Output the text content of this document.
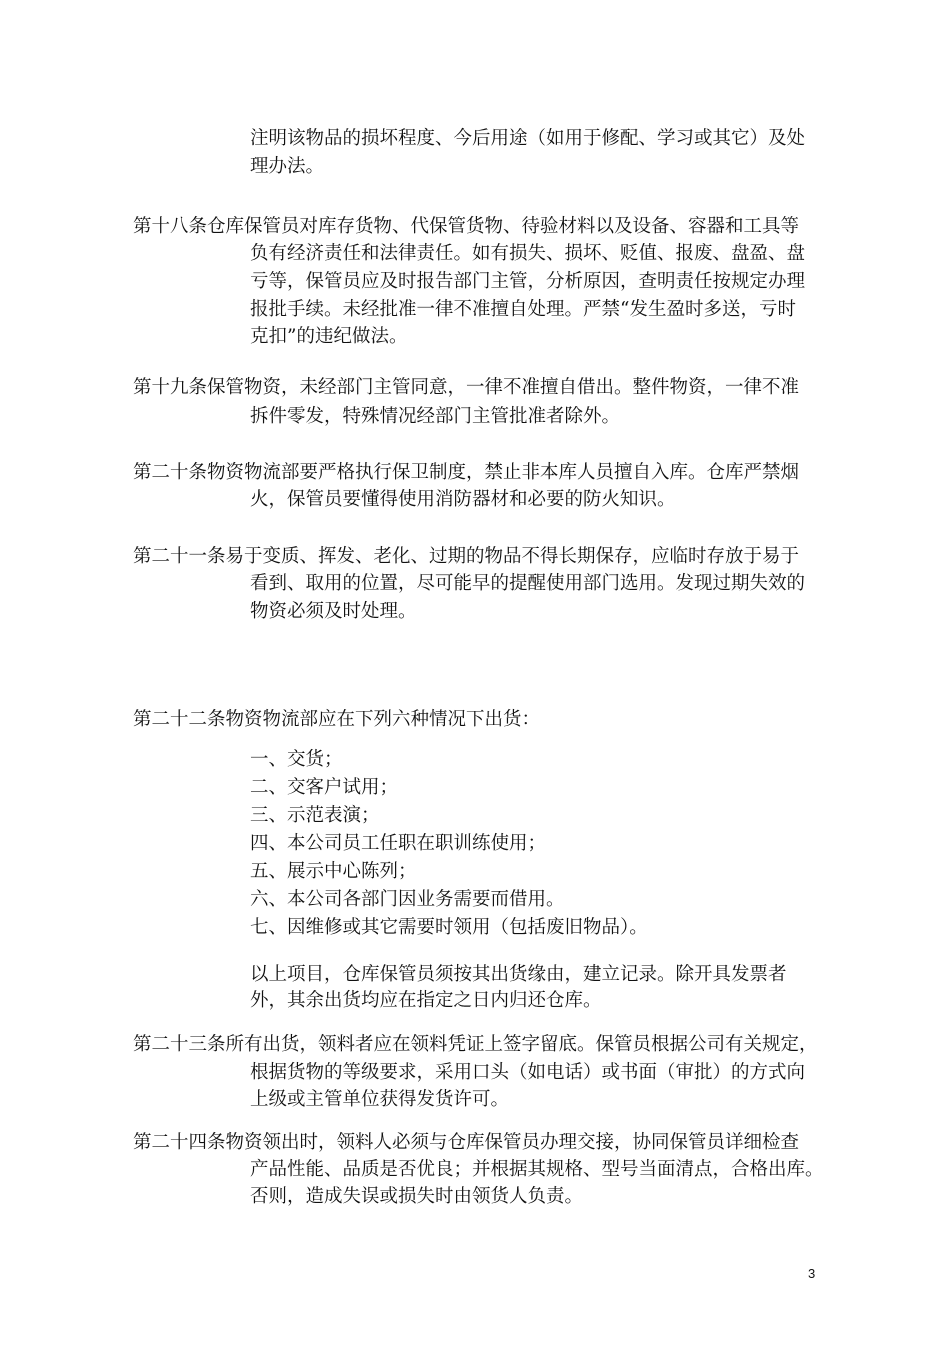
注明该物品的损坏程度、今后用途（如用于修配、学习或其它）及处
理办法。
第十八条仓库保管员对库存货物、代保管货物、待验材料以及设备、容器和工具等
负有经济责任和法律责任。如有损失、损坏、贬值、报废、盘盈、盘
亏等，保管员应及时报告部门主管，分析原因，查明责任按规定办理
报批手续。未经批准一律不准擅自处理。严禁“发生盈时多送，亏时
克扣”的违纪做法。
第十九条保管物资，未经部门主管同意，一律不准擅自借出。整件物资，一律不准
拆件零发，特殊情况经部门主管批准者除外。
第二十条物资物流部要严格执行保卫制度，禁止非本库人员擅自入库。仓库严禁烟
火，保管员要懂得使用消防器材和必要的防火知识。
第二十一条易于变质、挥发、老化、过期的物品不得长期保存，应临时存放于易于
看到、取用的位置，尽可能早的提醒使用部门选用。发现过期失效的
物资必须及时处理。
第二十二条物资物流部应在下列六种情况下出货：
一、交货；
二、交客户试用；
三、示范表演；
四、本公司员工任职在职训练使用；
五、展示中心陈列；
六、本公司各部门因业务需要而借用。
七、因维修或其它需要时领用（包括废旧物品）。
以上项目，仓库保管员须按其出货缘由，建立记录。除开具发票者
外，其余出货均应在指定之日内归还仓库。
第二十三条所有出货，领料者应在领料凭证上签字留底。保管员根据公司有关规定，
根据货物的等级要求，采用口头（如电话）或书面（审批）的方式向
上级或主管单位获得发货许可。
第二十四条物资领出时，领料人必须与仓库保管员办理交接，协同保管员详细检查
产品性能、品质是否优良；并根据其规格、型号当面清点，合格出库。
否则，造成失误或损失时由领货人负责。
3
